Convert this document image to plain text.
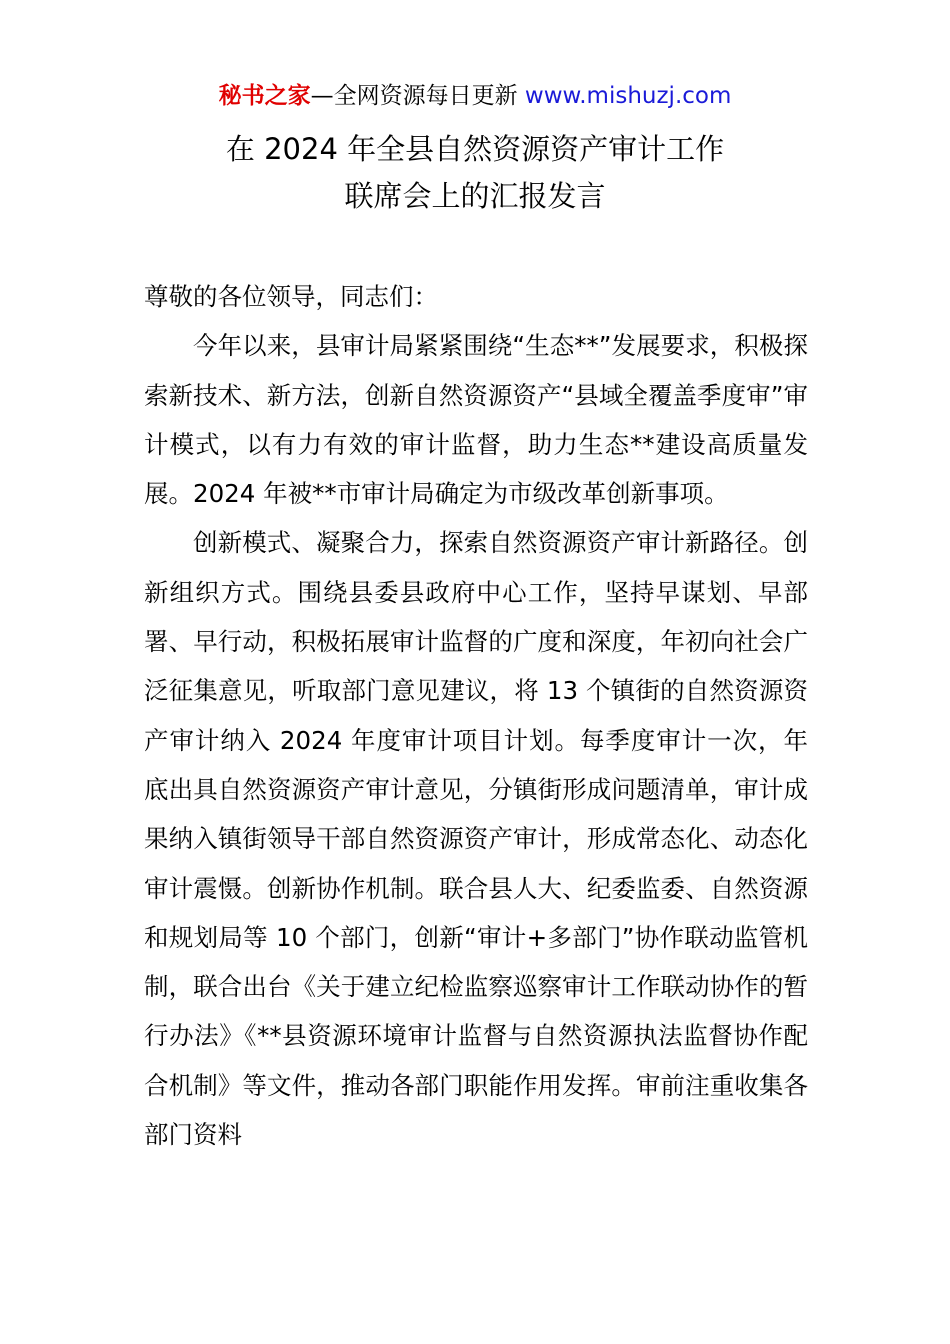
秘书之家—全网资源每日更新 www.mishuzj.com
在 2024 年全县自然资源资产审计工作
联席会上的汇报发言

尊敬的各位领导，同志们：

今年以来，县审计局紧紧围绕“生态**”发展要求，积极探索新技术、新方法，创新自然资源资产“县域全覆盖季度审”审计模式，以有力有效的审计监督，助力生态**建设高质量发展。2024 年被**市审计局确定为市级改革创新事项。

创新模式、凝聚合力，探索自然资源资产审计新路径。创新组织方式。围绕县委县政府中心工作，坚持早谋划、早部署、早行动，积极拓展审计监督的广度和深度，年初向社会广泛征集意见，听取部门意见建议，将 13 个镇街的自然资源资产审计纳入 2024 年度审计项目计划。每季度审计一次，年底出具自然资源资产审计意见，分镇街形成问题清单，审计成果纳入镇街领导干部自然资源资产审计，形成常态化、动态化审计震慑。创新协作机制。联合县人大、纪委监委、自然资源和规划局等 10 个部门，创新“审计+多部门”协作联动监管机制，联合出台《关于建立纪检监察巡察审计工作联动协作的暂行办法》《**县资源环境审计监督与自然资源执法监督协作配合机制》等文件，推动各部门职能作用发挥。审前注重收集各部门资料
